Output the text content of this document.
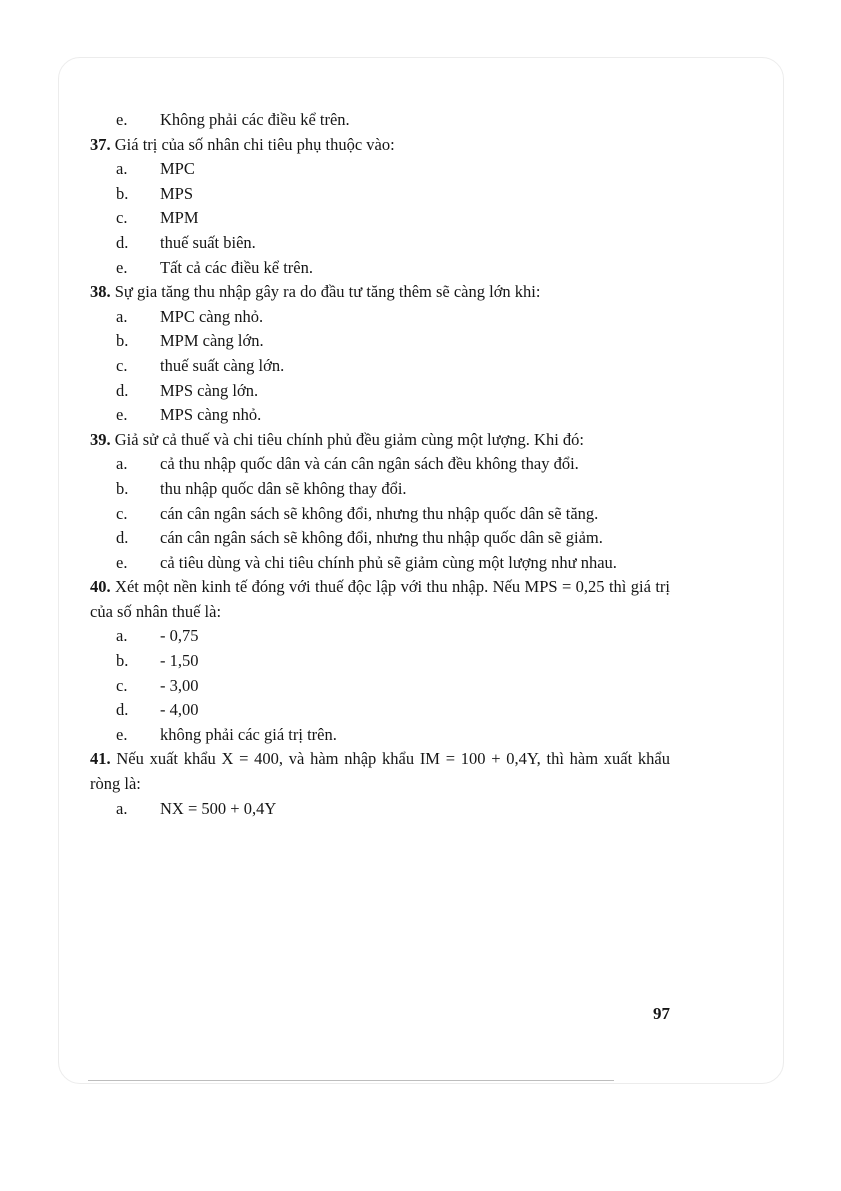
e.	Không phải các điều kể trên.
37. Giá trị của số nhân chi tiêu phụ thuộc vào:
a.	MPC
b.	MPS
c.	MPM
d.	thuế suất biên.
e.	Tất cả các điều kể trên.
38. Sự gia tăng thu nhập gây ra do đầu tư tăng thêm sẽ càng lớn khi:
a.	MPC càng nhỏ.
b.	MPM càng lớn.
c.	thuế suất càng lớn.
d.	MPS càng lớn.
e.	MPS càng nhỏ.
39. Giả sử cả thuế và chi tiêu chính phủ đều giảm cùng một lượng. Khi đó:
a.	cả thu nhập quốc dân và cán cân ngân sách đều không thay đổi.
b.	thu nhập quốc dân sẽ không thay đổi.
c.	cán cân ngân sách sẽ không đổi, nhưng thu nhập quốc dân sẽ tăng.
d.	cán cân ngân sách sẽ không đổi, nhưng thu nhập quốc dân sẽ giảm.
e.	cả tiêu dùng và chi tiêu chính phủ sẽ giảm cùng một lượng như nhau.
40. Xét một nền kinh tế đóng với thuế độc lập với thu nhập. Nếu MPS = 0,25 thì giá trị của số nhân thuế là:
a.	- 0,75
b.	- 1,50
c.	- 3,00
d.	- 4,00
e.	không phải các giá trị trên.
41. Nếu xuất khẩu X = 400, và hàm nhập khẩu IM = 100 + 0,4Y, thì hàm xuất khẩu ròng là:
a.	NX = 500 + 0,4Y
97
